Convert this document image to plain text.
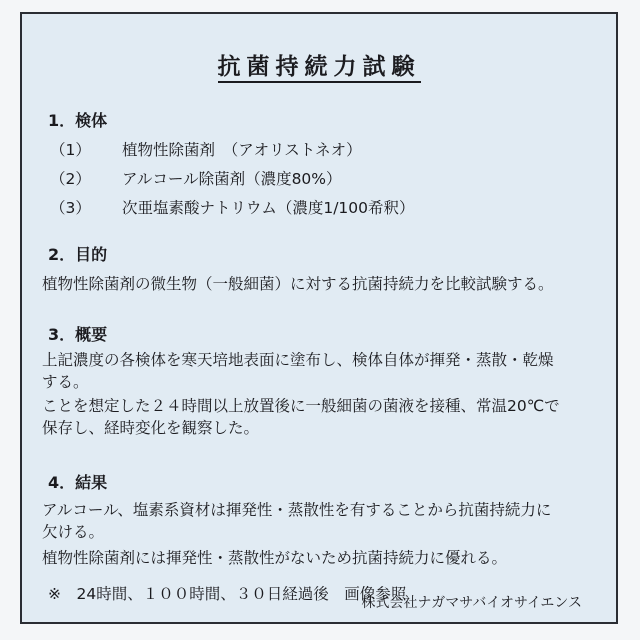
抗菌持続力試験
1．検体
（1） 植物性除菌剤　（アオリストネオ）
（2） アルコール除菌剤（濃度80%）
（3） 次亜塩素酸ナトリウム（濃度1/100希釈）
2．目的
植物性除菌剤の微生物（一般細菌）に対する抗菌持続力を比較試験する。
3．概要
上記濃度の各検体を寒天培地表面に塗布し、検体自体が揮発・蒸散・乾燥
する。
ことを想定した２４時間以上放置後に一般細菌の菌液を接種、常温20℃で
保存し、経時変化を観察した。
4．結果
アルコール、塩素系資材は揮発性・蒸散性を有することから抗菌持続力に
欠ける。
植物性除菌剤には揮発性・蒸散性がないため抗菌持続力に優れる。
※　24時間、１００時間、３０日経過後　画像参照
株式会社ナガマサバイオサイエンス
